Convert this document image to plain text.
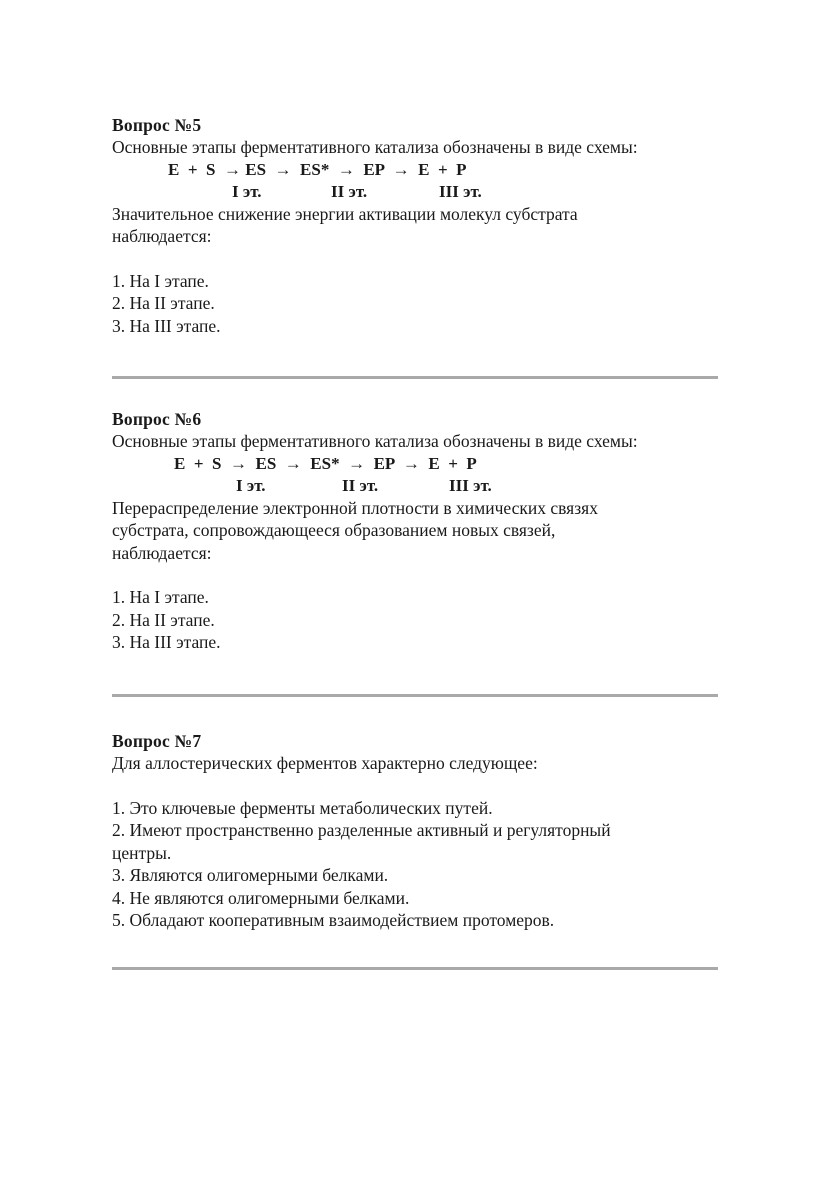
Вопрос №5

Основные этапы ферментативного катализа обозначены в виде схемы:

E  +  S  → ES  →  ES*  →  EP  →  E  +  P

I эт.	II эт.	III эт.

Значительное снижение энергии активации молекул субстрата

наблюдается:

1. На I этапе.

2. На II этапе.

3. На III этапе.

Вопрос №6

Основные этапы ферментативного катализа обозначены в виде схемы:

E  +  S  →  ES  →  ES*  →  EP  →  E  +  P

I эт.	II эт.	III эт.

Перераспределение электронной плотности в химических связях

субстрата, сопровождающееся образованием новых связей,

наблюдается:

1. На I этапе.

2. На II этапе.

3. На III этапе.

Вопрос №7

Для аллостерических ферментов характерно следующее:

1. Это ключевые ферменты метаболических путей.

2. Имеют пространственно разделенные активный и регуляторный

центры.

3. Являются олигомерными белками.

4. Не являются олигомерными белками.

5. Обладают кооперативным взаимодействием протомеров.
